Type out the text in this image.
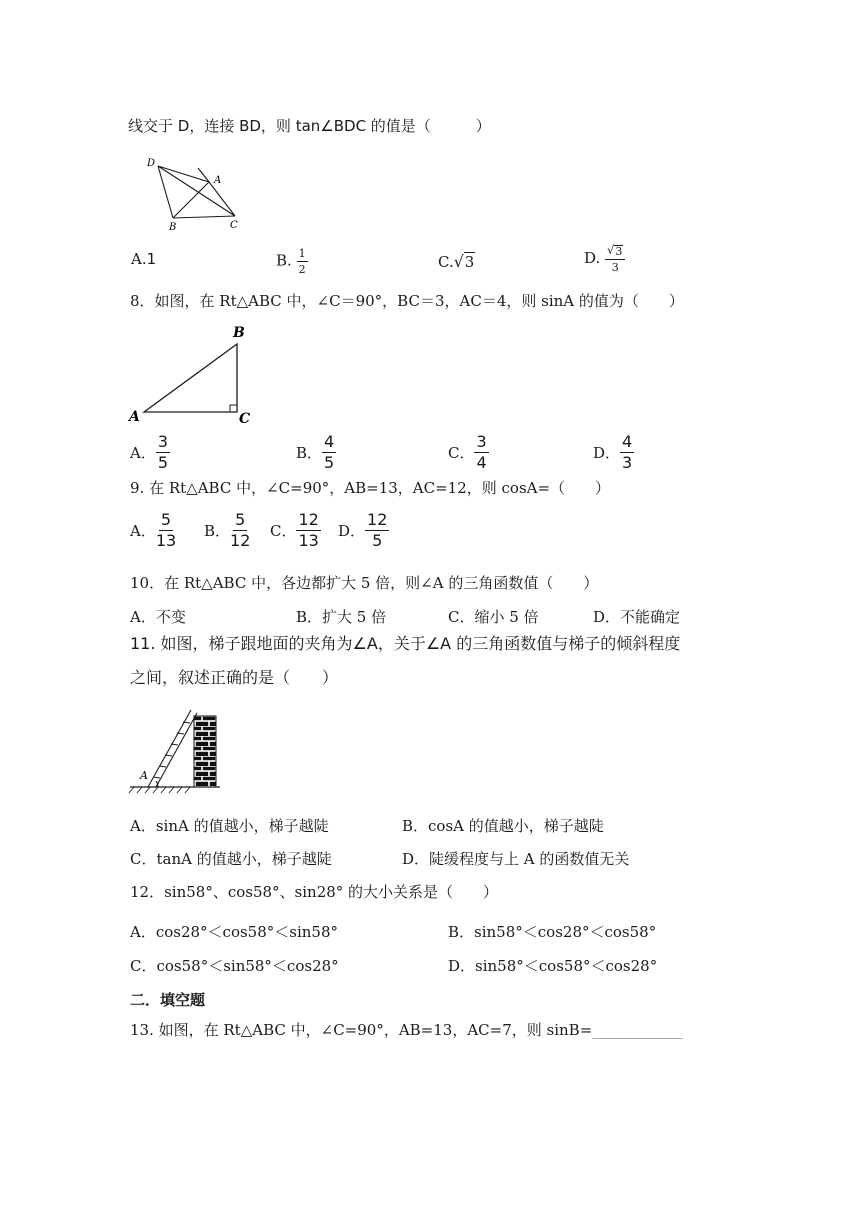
线交于 D，连接 BD，则 tan∠BDC 的值是（　　　）
D
A
B	C
A.1	B. $\frac{1}{2}$	C. √ 3	D. $\frac{√ 3}{3}$
8．如图，在 Rt△ABC 中，∠C＝90°，BC＝3，AC＝4，则 sinA 的值为（　　）
B
A	C
A． $\frac{3}{5}$	B． $\frac{4}{5}$	C． $\frac{3}{4}$	D． $\frac{4}{3}$
9. 在 Rt△ABC 中，∠C=90°，AB=13，AC=12，则 cosA=（　　）
A． $\frac{5}{13}$ B． $\frac{5}{12}$ C． $\frac{12}{13}$ D． $\frac{12}{5}$
10．在 Rt△ABC 中，各边都扩大 5 倍，则∠A 的三角函数值（　　）
A．不变	B．扩大 5 倍	C．缩小 5 倍	D．不能确定
11. 如图，梯子跟地面的夹角为∠A，关于∠A 的三角函数值与梯子的倾斜程度
之间，叙述正确的是（　　）
A
A．sinA 的值越小，梯子越陡	B．cosA 的值越小，梯子越陡
C．tanA 的值越小，梯子越陡	D．陡缓程度与上 A 的函数值无关
12．sin58°、cos58°、sin28° 的大小关系是（　　）
A．cos28°＜cos58°＜sin58°	B．sin58°＜cos28°＜cos58°
C．cos58°＜sin58°＜cos28°	D．sin58°＜cos58°＜cos28°
二．填空题
13. 如图，在 Rt△ABC 中，∠C=90°，AB=13，AC=7，则 sinB=____________
